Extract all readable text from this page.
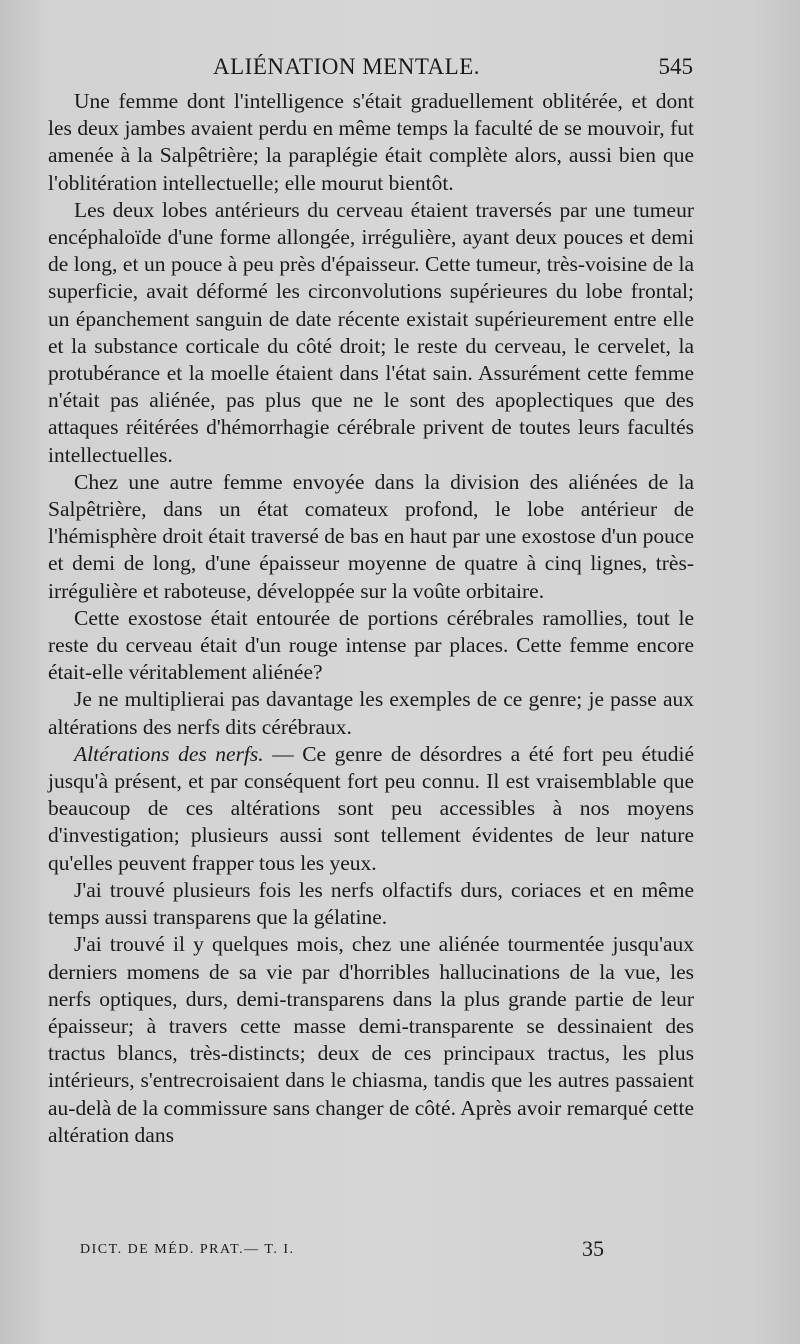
ALIÉNATION MENTALE.	545

Une femme dont l'intelligence s'était graduellement oblitérée, et dont les deux jambes avaient perdu en même temps la faculté de se mouvoir, fut amenée à la Salpêtrière; la paraplégie était complète alors, aussi bien que l'oblitération intellectuelle; elle mourut bientôt.

Les deux lobes antérieurs du cerveau étaient traversés par une tumeur encéphaloïde d'une forme allongée, irrégulière, ayant deux pouces et demi de long, et un pouce à peu près d'épaisseur. Cette tumeur, très-voisine de la superficie, avait déformé les circonvolutions supérieures du lobe frontal; un épanchement sanguin de date récente existait supérieurement entre elle et la substance corticale du côté droit; le reste du cerveau, le cervelet, la protubérance et la moelle étaient dans l'état sain. Assurément cette femme n'était pas aliénée, pas plus que ne le sont des apoplectiques que des attaques réitérées d'hémorrhagie cérébrale privent de toutes leurs facultés intellectuelles.

Chez une autre femme envoyée dans la division des aliénées de la Salpêtrière, dans un état comateux profond, le lobe antérieur de l'hémisphère droit était traversé de bas en haut par une exostose d'un pouce et demi de long, d'une épaisseur moyenne de quatre à cinq lignes, très-irrégulière et raboteuse, développée sur la voûte orbitaire.

Cette exostose était entourée de portions cérébrales ramollies, tout le reste du cerveau était d'un rouge intense par places. Cette femme encore était-elle véritablement aliénée?

Je ne multiplierai pas davantage les exemples de ce genre; je passe aux altérations des nerfs dits cérébraux.

Altérations des nerfs. — Ce genre de désordres a été fort peu étudié jusqu'à présent, et par conséquent fort peu connu. Il est vraisemblable que beaucoup de ces altérations sont peu accessibles à nos moyens d'investigation; plusieurs aussi sont tellement évidentes de leur nature qu'elles peuvent frapper tous les yeux.

J'ai trouvé plusieurs fois les nerfs olfactifs durs, coriaces et en même temps aussi transparens que la gélatine.

J'ai trouvé il y quelques mois, chez une aliénée tourmentée jusqu'aux derniers momens de sa vie par d'horribles hallucinations de la vue, les nerfs optiques, durs, demi-transparens dans la plus grande partie de leur épaisseur; à travers cette masse demi-transparente se dessinaient des tractus blancs, très-distincts; deux de ces principaux tractus, les plus intérieurs, s'entrecroisaient dans le chiasma, tandis que les autres passaient au-delà de la commissure sans changer de côté. Après avoir remarqué cette altération dans

DICT. DE MÉD. PRAT.— T. I.	35
